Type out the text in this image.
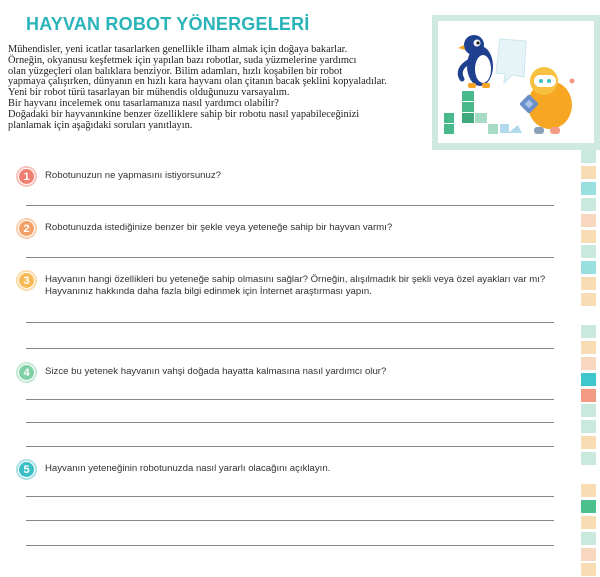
HAYVAN ROBOT YÖNERGELERİ
Mühendisler, yeni icatlar tasarlarken genellikle ilham almak için doğaya bakarlar.
Örneğin, okyanusu keşfetmek için yapılan bazı robotlar, suda yüzmelerine yardımcı
olan yüzgeçleri olan balıklara benziyor. Bilim adamları, hızlı koşabilen bir robot
yapmaya çalışırken, dünyanın en hızlı kara hayvanı olan çitanın bacak şeklini kopyaladılar.
Yeni bir robot türü tasarlayan bir mühendis olduğunuzu varsayalım.
Bir hayvanı incelemek onu tasarlamanıza nasıl yardımcı olabilir?
Doğadaki bir hayvanınkine benzer özelliklere sahip bir robotu nasıl yapabileceğinizi
planlamak için aşağıdaki soruları yanıtlayın.
1	Robotunuzun ne yapmasını istiyorsunuz?
2	Robotunuzda istediğinize benzer bir şekle veya yeteneğe sahip bir hayvan varmı?
3	Hayvanın hangi özellikleri bu yeteneğe sahip olmasını sağlar? Örneğin, alışılmadık bir şekli veya özel ayakları var mı? Hayvanınız hakkında daha fazla bilgi edinmek için İnternet araştırması yapın.
4	Sizce bu yetenek hayvanın vahşi doğada hayatta kalmasına nasıl yardımcı olur?
5	Hayvanın yeteneğinin robotunuzda nasıl yararlı olacağını açıklayın.
